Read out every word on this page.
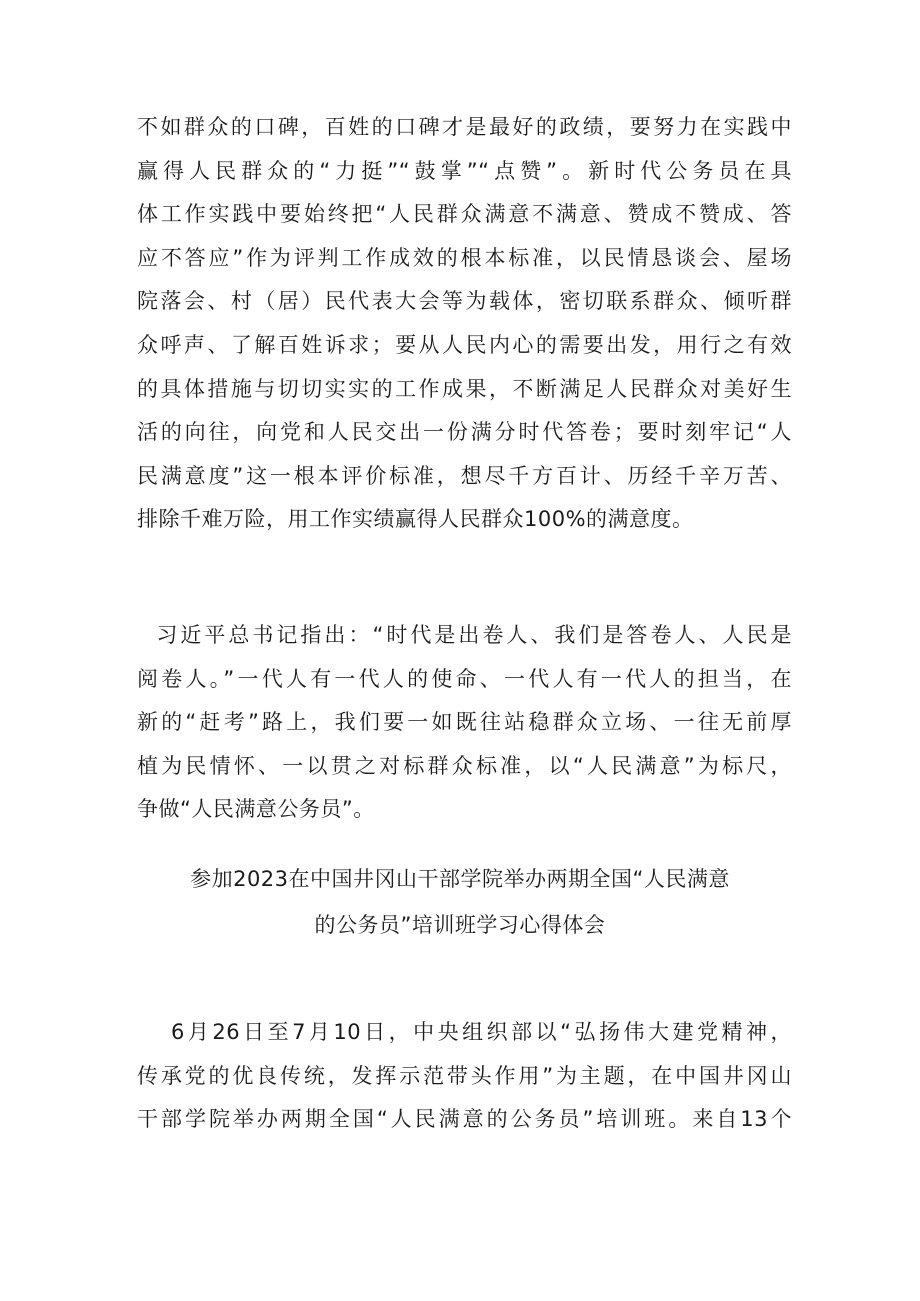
不如群众的口碑，百姓的口碑才是最好的政绩，要努力在实践中
赢得人民群众的“力挺”“鼓掌”“点赞”。新时代公务员在具
体工作实践中要始终把“人民群众满意不满意、赞成不赞成、答
应不答应”作为评判工作成效的根本标准，以民情恳谈会、屋场
院落会、村（居）民代表大会等为载体，密切联系群众、倾听群
众呼声、了解百姓诉求；要从人民内心的需要出发，用行之有效
的具体措施与切切实实的工作成果，不断满足人民群众对美好生
活的向往，向党和人民交出一份满分时代答卷；要时刻牢记“人
民满意度”这一根本评价标准，想尽千方百计、历经千辛万苦、
排除千难万险，用工作实绩赢得人民群众100%的满意度。
习近平总书记指出：“时代是出卷人、我们是答卷人、人民是
阅卷人。”一代人有一代人的使命、一代人有一代人的担当，在
新的“赶考”路上，我们要一如既往站稳群众立场、一往无前厚
植为民情怀、一以贯之对标群众标准，以“人民满意”为标尺，
争做“人民满意公务员”。
参加2023在中国井冈山干部学院举办两期全国“人民满意
的公务员”培训班学习心得体会
6月26日至7月10日，中央组织部以“弘扬伟大建党精神，
传承党的优良传统，发挥示范带头作用”为主题，在中国井冈山
干部学院举办两期全国“人民满意的公务员”培训班。来自13个
